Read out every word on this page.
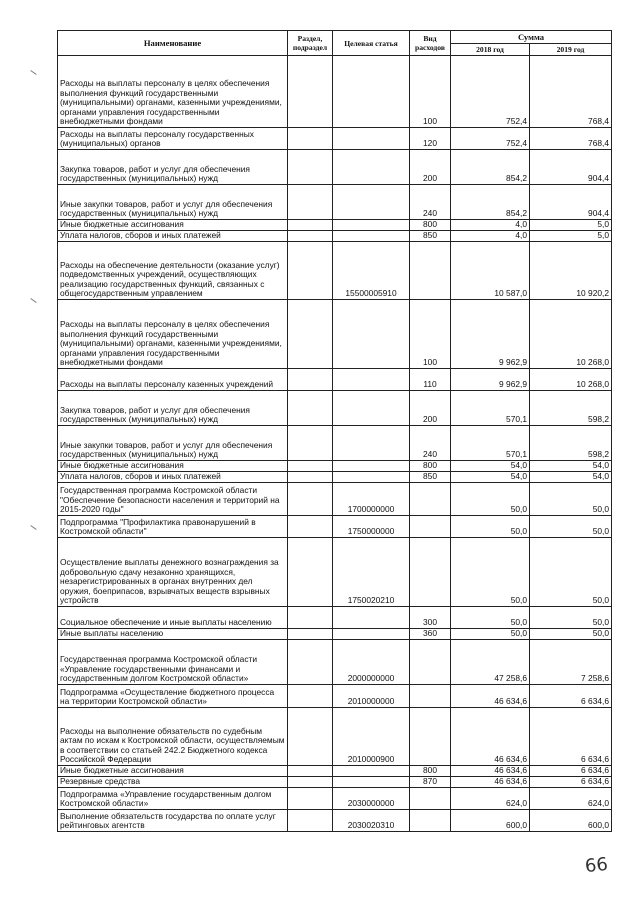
Наименование	Раздел, подраздел	Целевая статья	Вид расходов	Сумма	
				2018 год	2019 год
Расходы на выплаты персоналу в целях обеспечения выполнения функций государственными (муниципальными) органами, казенными учреждениями, органами управления государственными внебюджетными фондами			100	752,4	768,4
Расходы на выплаты персоналу государственных (муниципальных) органов			120	752,4	768,4
Закупка товаров, работ и услуг для обеспечения государственных (муниципальных) нужд			200	854,2	904,4
Иные закупки товаров, работ и услуг для обеспечения государственных (муниципальных) нужд			240	854,2	904,4
Иные бюджетные ассигнования			800	4,0	5,0
Уплата налогов, сборов и иных платежей			850	4,0	5,0
Расходы на обеспечение деятельности (оказание услуг) подведомственных учреждений, осуществляющих реализацию государственных функций, связанных с общегосударственным управлением		15500005910		10 587,0	10 920,2
Расходы на выплаты персоналу в целях обеспечения выполнения функций государственными (муниципальными) органами, казенными учреждениями, органами управления государственными внебюджетными фондами			100	9 962,9	10 268,0
Расходы на выплаты персоналу казенных учреждений			110	9 962,9	10 268,0
Закупка товаров, работ и услуг для обеспечения государственных (муниципальных) нужд			200	570,1	598,2
Иные закупки товаров, работ и услуг для обеспечения государственных (муниципальных) нужд			240	570,1	598,2
Иные бюджетные ассигнования			800	54,0	54,0
Уплата налогов, сборов и иных платежей			850	54,0	54,0
Государственная программа Костромской области "Обеспечение безопасности населения и территорий на 2015-2020 годы"		1700000000		50,0	50,0
Подпрограмма "Профилактика правонарушений в Костромской области"		1750000000		50,0	50,0
Осуществление выплаты денежного вознаграждения за добровольную сдачу незаконно хранящихся, незарегистрированных в органах внутренних дел оружия, боеприпасов, взрывчатых веществ взрывных устройств		1750020210		50,0	50,0
Социальное обеспечение и иные выплаты населению			300	50,0	50,0
Иные выплаты населению			360	50,0	50,0
Государственная программа Костромской области «Управление государственными финансами и государственным долгом Костромской области»		2000000000		47 258,6	7 258,6
Подпрограмма «Осуществление бюджетного процесса на территории Костромской области»		2010000000		46 634,6	6 634,6
Расходы на выполнение обязательств по судебным актам по искам к Костромской области, осуществляемым в соответствии со статьей 242.2 Бюджетного кодекса Российской Федерации		2010000900		46 634,6	6 634,6
Иные бюджетные ассигнования			800	46 634,6	6 634,6
Резервные средства			870	46 634,6	6 634,6
Подпрограмма «Управление государственным долгом Костромской области»		2030000000		624,0	624,0
Выполнение обязательств государства по оплате услуг рейтинговых агентств		2030020310		600,0	600,0
66
